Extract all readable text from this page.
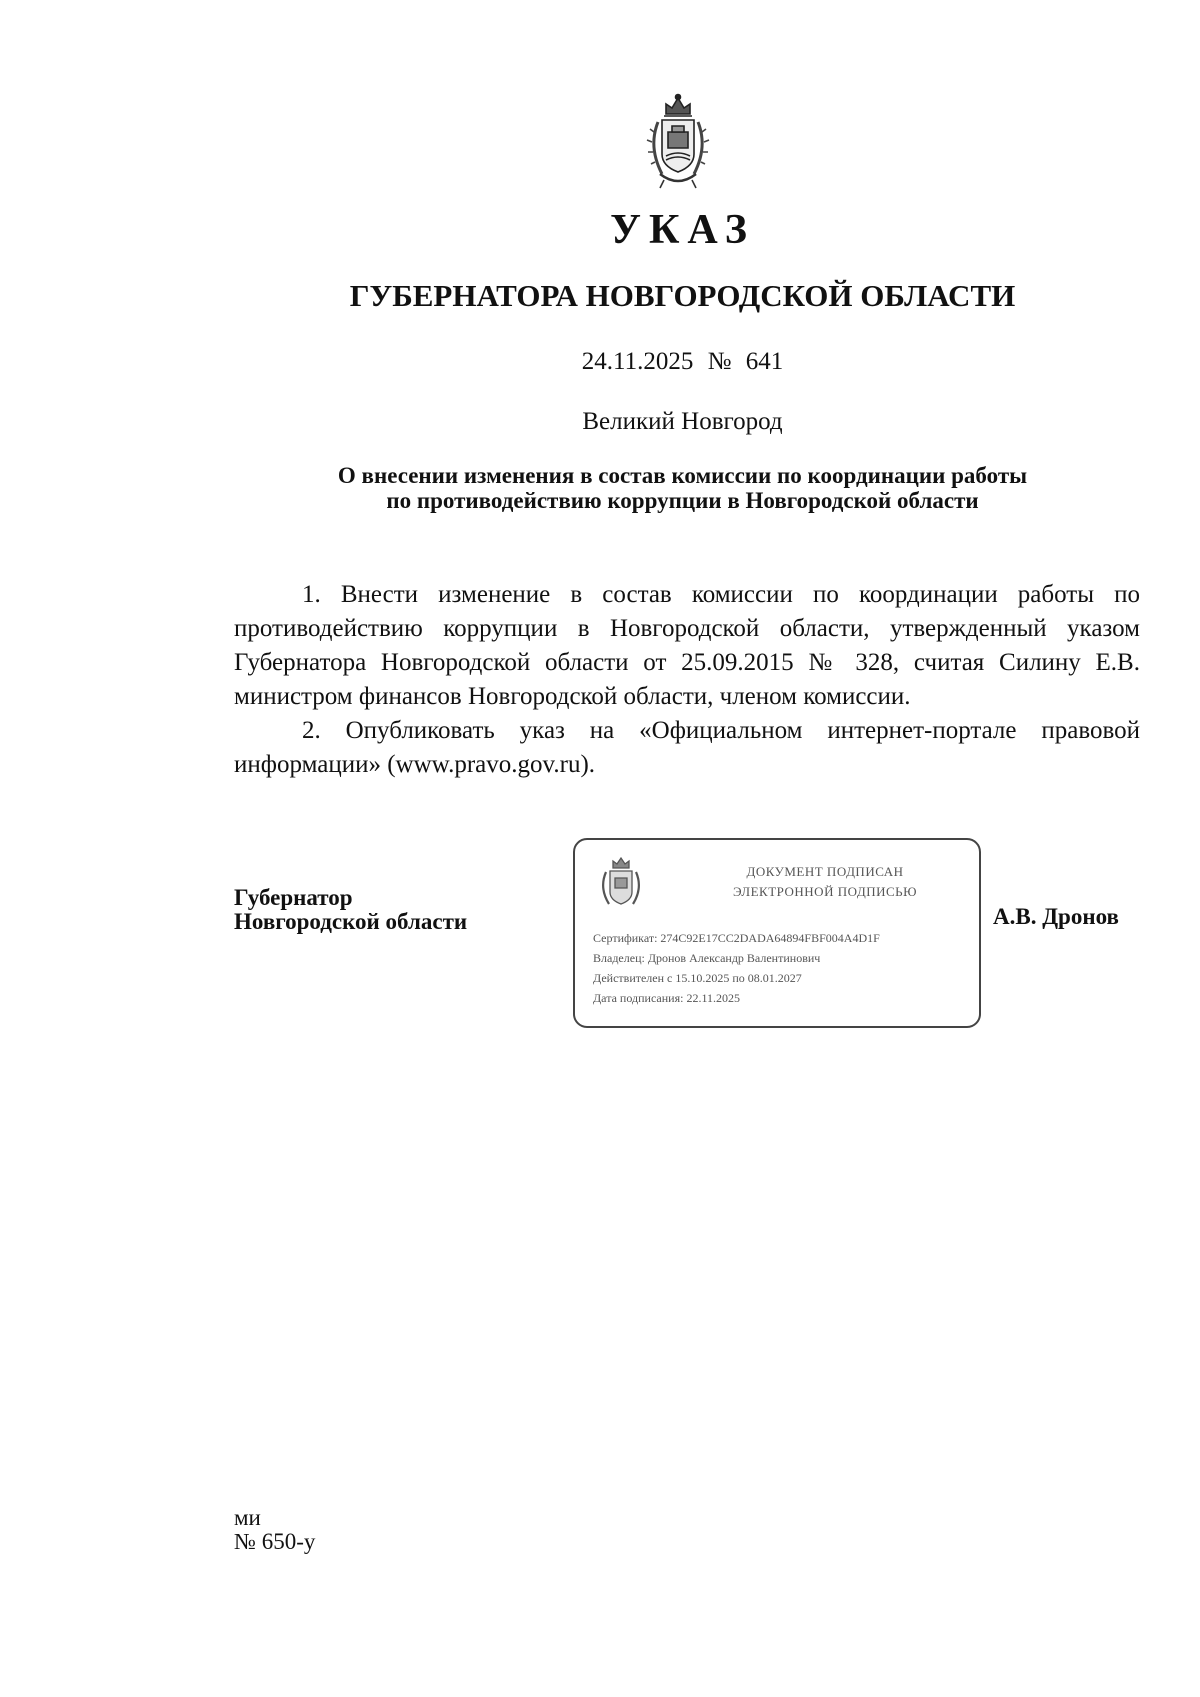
УКАЗ
ГУБЕРНАТОРА НОВГОРОДСКОЙ ОБЛАСТИ
24.11.2025 № 641
Великий Новгород
О внесении изменения в состав комиссии по координации работы
по противодействию коррупции в Новгородской области

1. Внести изменение в состав комиссии по координации работы по противодействию коррупции в Новгородской области, утвержденный указом Губернатора Новгородской области от 25.09.2015 № 328, считая Силину Е.В. министром финансов Новгородской области, членом комиссии.

2. Опубликовать указ на «Официальном интернет-портале правовой информации» (www.pravo.gov.ru).

Губернатор
Новгородской области
ДОКУМЕНТ ПОДПИСАН
ЭЛЕКТРОННОЙ ПОДПИСЬЮ
Сертификат: 274C92E17CC2DADA64894FBF004A4D1F
Владелец: Дронов Александр Валентинович
Действителен с 15.10.2025 по 08.01.2027
Дата подписания: 22.11.2025
А.В. Дронов
ми
№ 650-у
